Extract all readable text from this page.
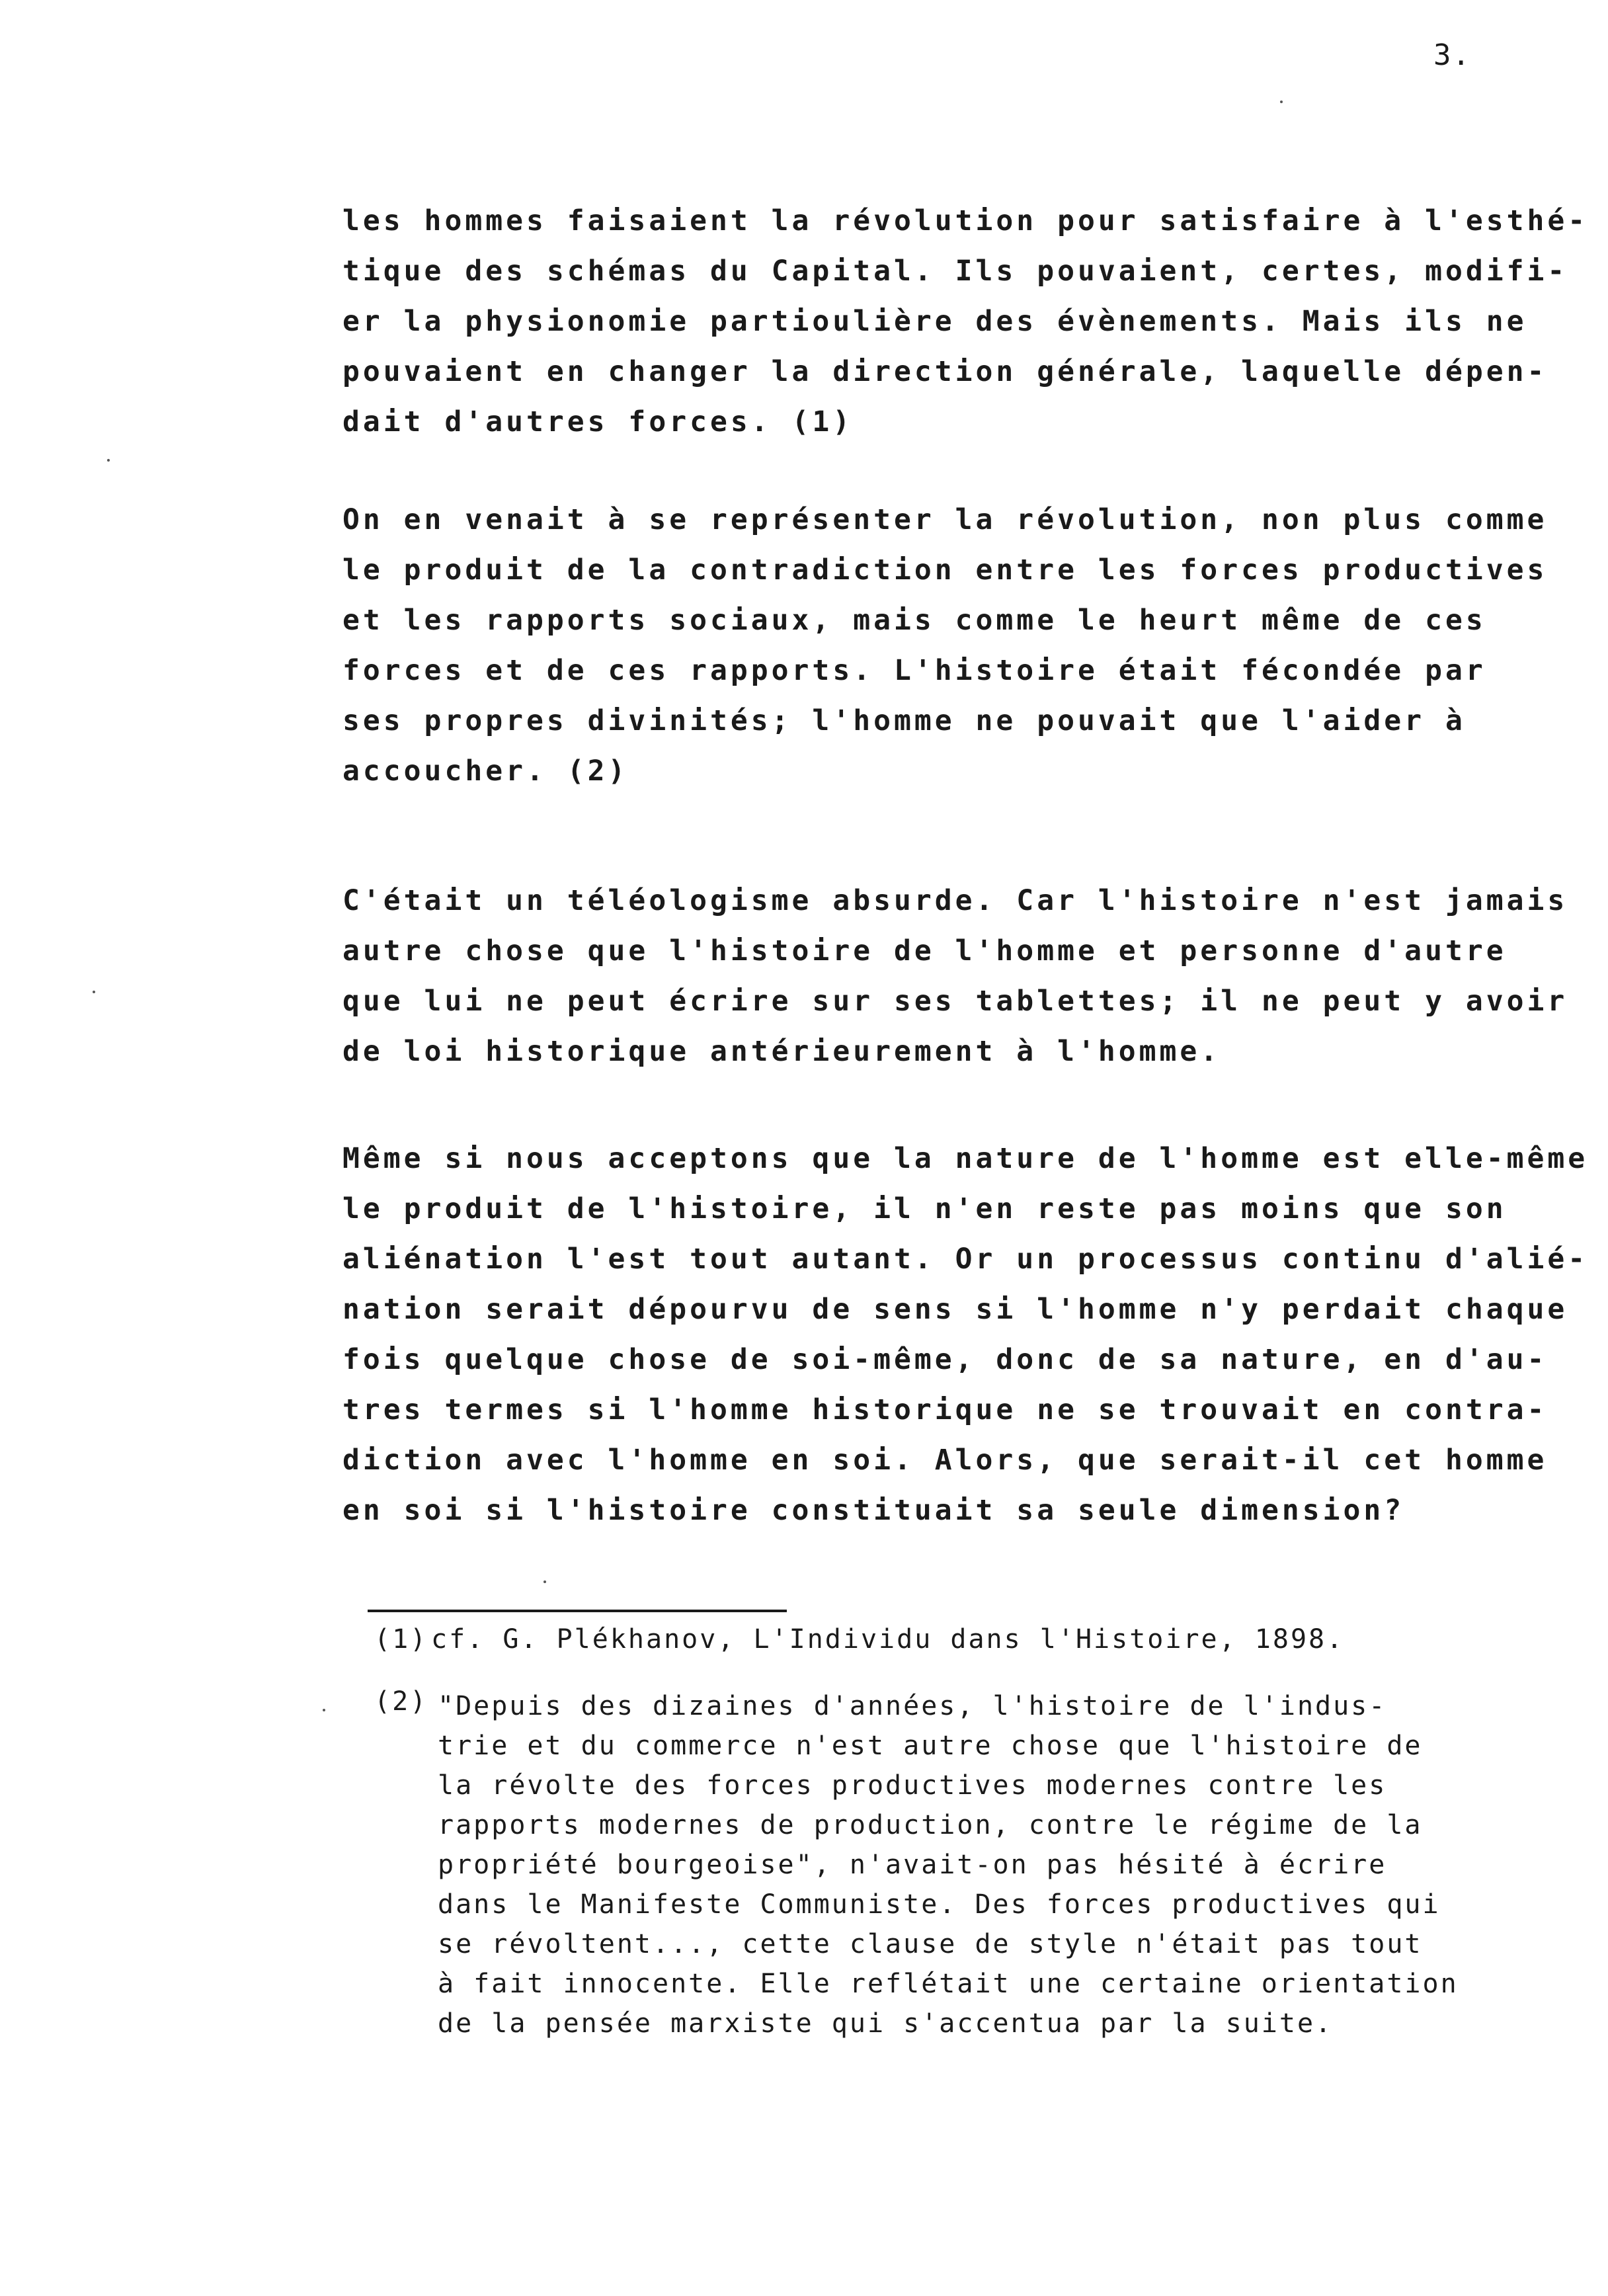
3.
les hommes faisaient la révolution pour satisfaire à l'esthé-
tique des schémas du Capital. Ils pouvaient, certes, modifi-
er la physionomie partioulière des évènements. Mais ils ne
pouvaient en changer la direction générale, laquelle dépen-
dait d'autres forces. (1)
On en venait à se représenter la révolution, non plus comme
le produit de la contradiction entre les forces productives
et les rapports sociaux, mais comme le heurt même de ces
forces et de ces rapports. L'histoire était fécondée par
ses propres divinités; l'homme ne pouvait que l'aider à
accoucher. (2)
C'était un téléologisme absurde. Car l'histoire n'est jamais
autre chose que l'histoire de l'homme et personne d'autre
que lui ne peut écrire sur ses tablettes; il ne peut y avoir
de loi historique antérieurement à l'homme.
Même si nous acceptons que la nature de l'homme est elle-même
le produit de l'histoire, il n'en reste pas moins que son
aliénation l'est tout autant. Or un processus continu d'alié-
nation serait dépourvu de sens si l'homme n'y perdait chaque
fois quelque chose de soi-même, donc de sa nature, en d'au-
tres termes si l'homme historique ne se trouvait en contra-
diction avec l'homme en soi. Alors, que serait-il cet homme
en soi si l'histoire constituait sa seule dimension?
(1) cf. G. Plékhanov, L'Individu dans l'Histoire, 1898.
(2) "Depuis des dizaines d'années, l'histoire de l'indus-
trie et du commerce n'est autre chose que l'histoire de
la révolte des forces productives modernes contre les
rapports modernes de production, contre le régime de la
propriété bourgeoise", n'avait-on pas hésité à écrire
dans le Manifeste Communiste. Des forces productives qui
se révoltent..., cette clause de style n'était pas tout
à fait innocente. Elle reflétait une certaine orientation
de la pensée marxiste qui s'accentua par la suite.
